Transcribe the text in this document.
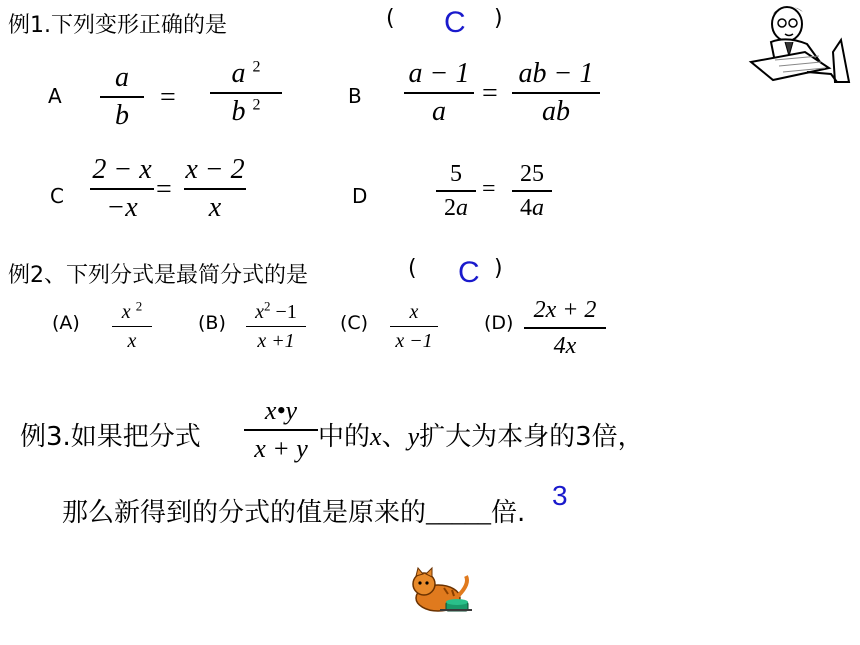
例1.下列变形正确的是	( C )
A
a
b
=
a $^2$
b $^2$	B
a − 1
a
=
ab − 1
ab
C
2 − x
−x
=
x − 2
x	D
5
2a
=
25
4a
例2、下列分式是最简分式的是	( C )
(A) x $^2$
x
(B) $x^2 -1$
x +1
(C) x
x −1
(D) 2x + 2
4x
例3.如果把分式
x•y
x + y 中的x、y扩大为本身的3倍，
那么新得到的分式的值是原来的_____倍.
3
